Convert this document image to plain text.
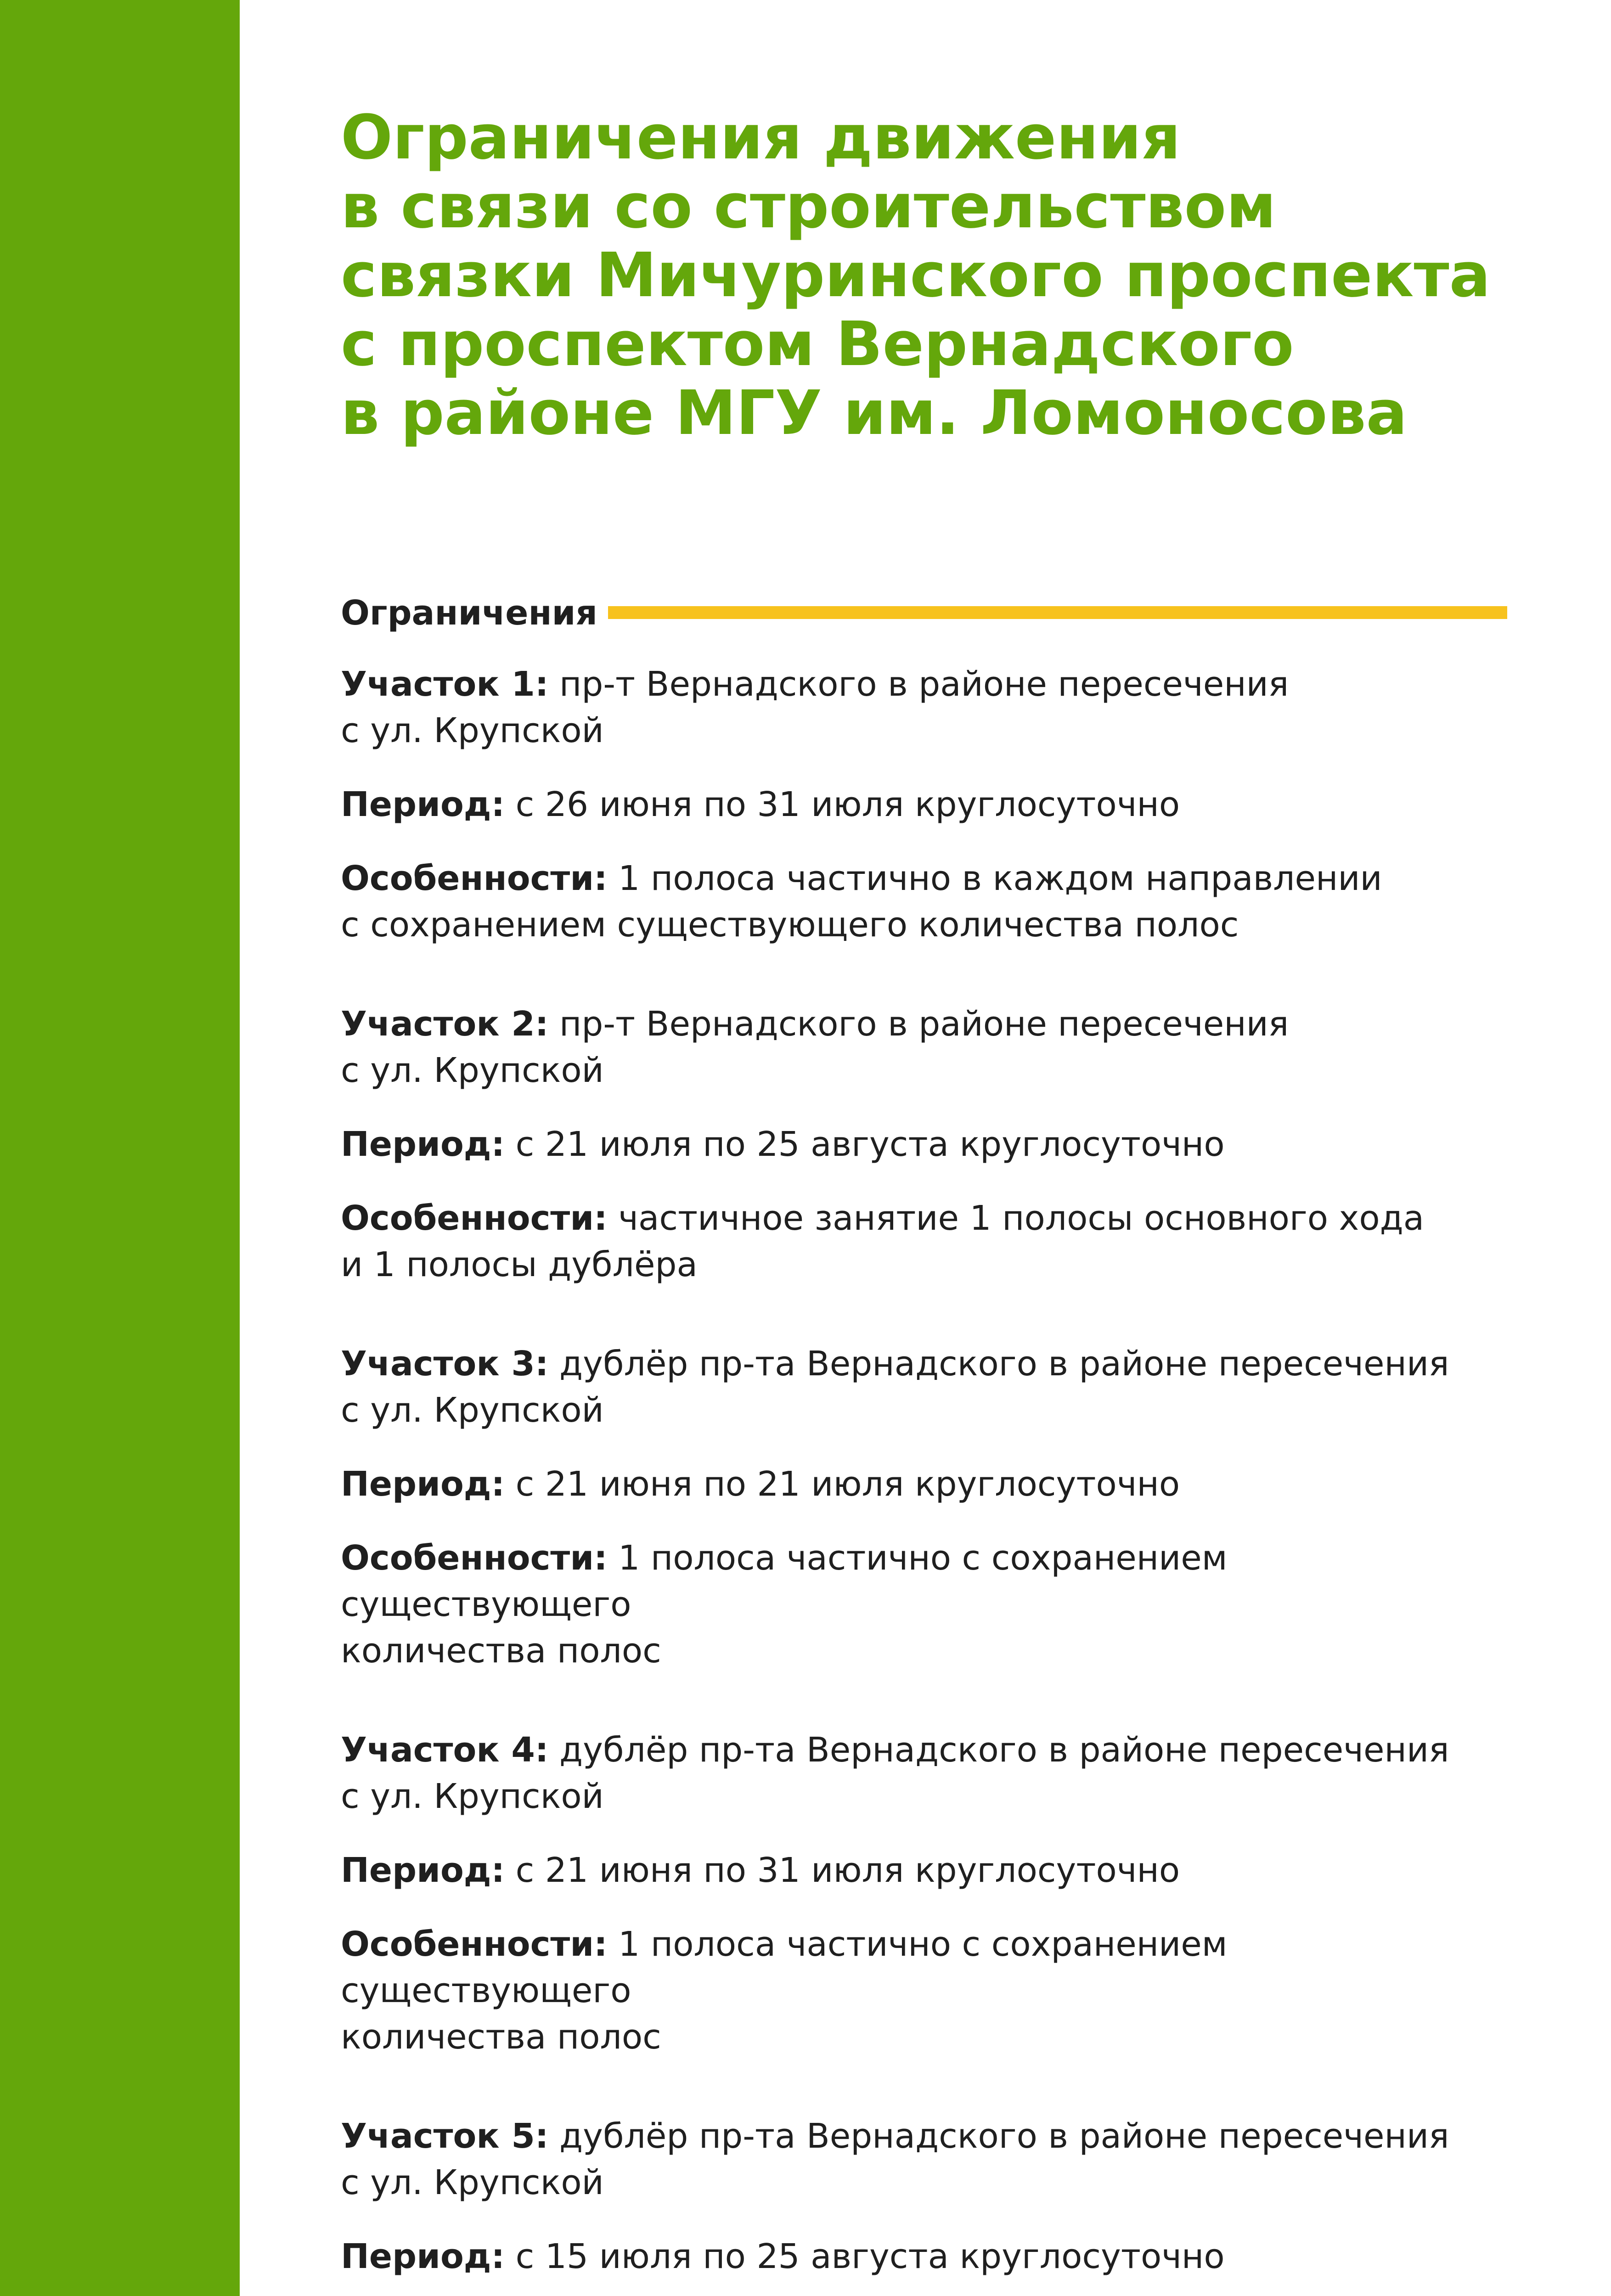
Ограничения движения
в связи со строительством
связки Мичуринского проспекта
с проспектом Вернадского
в районе МГУ им. Ломоносова
Ограничения

Участок 1: пр-т Вернадского в районе пересечения
с ул. Крупской

Период: с 26 июня по 31 июля круглосуточно

Особенности: 1 полоса частично в каждом направлении
с сохранением существующего количества полос

Участок 2: пр-т Вернадского в районе пересечения
с ул. Крупской

Период: с 21 июля по 25 августа круглосуточно

Особенности: частичное занятие 1 полосы основного хода
и 1 полосы дублёра

Участок 3: дублёр пр-та Вернадского в районе пересечения
с ул. Крупской

Период: с 21 июня по 21 июля круглосуточно

Особенности: 1 полоса частично с сохранением существующего
количества полос

Участок 4: дублёр пр-та Вернадского в районе пересечения
с ул. Крупской

Период: с 21 июня по 31 июля круглосуточно

Особенности: 1 полоса частично с сохранением существующего
количества полос

Участок 5: дублёр пр-та Вернадского в районе пересечения
с ул. Крупской

Период: с 15 июля по 25 августа круглосуточно
